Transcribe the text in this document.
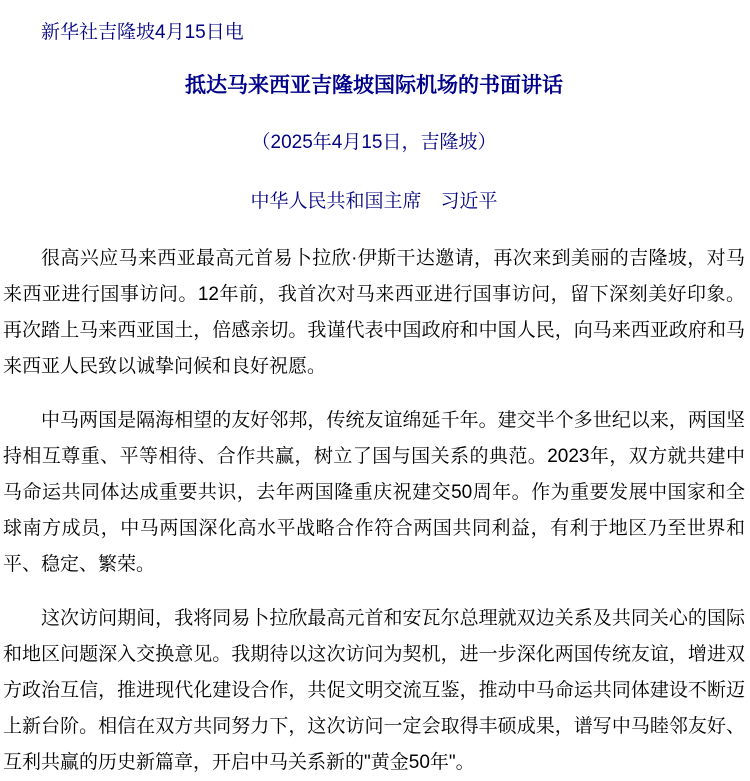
新华社吉隆坡4月15日电
抵达马来西亚吉隆坡国际机场的书面讲话
（2025年4月15日，吉隆坡）
中华人民共和国主席　习近平

很高兴应马来西亚最高元首易卜拉欣·伊斯干达邀请，再次来到美丽的吉隆坡，对马来西亚进行国事访问。12年前，我首次对马来西亚进行国事访问，留下深刻美好印象。再次踏上马来西亚国土，倍感亲切。我谨代表中国政府和中国人民，向马来西亚政府和马来西亚人民致以诚挚问候和良好祝愿。

中马两国是隔海相望的友好邻邦，传统友谊绵延千年。建交半个多世纪以来，两国坚持相互尊重、平等相待、合作共赢，树立了国与国关系的典范。2023年，双方就共建中马命运共同体达成重要共识，去年两国隆重庆祝建交50周年。作为重要发展中国家和全球南方成员，中马两国深化高水平战略合作符合两国共同利益，有利于地区乃至世界和平、稳定、繁荣。

这次访问期间，我将同易卜拉欣最高元首和安瓦尔总理就双边关系及共同关心的国际和地区问题深入交换意见。我期待以这次访问为契机，进一步深化两国传统友谊，增进双方政治互信，推进现代化建设合作，共促文明交流互鉴，推动中马命运共同体建设不断迈上新台阶。相信在双方共同努力下，这次访问一定会取得丰硕成果，谱写中马睦邻友好、互利共赢的历史新篇章，开启中马关系新的"黄金50年"。
